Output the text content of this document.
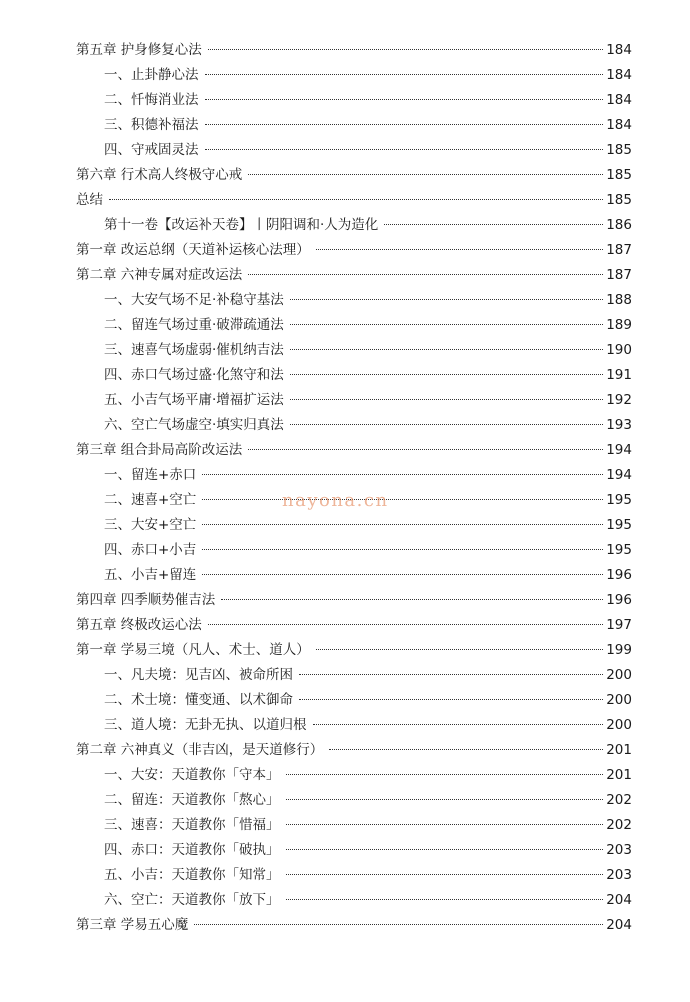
第五章 护身修复心法	184
一、止卦静心法	184
二、忏悔消业法	184
三、积德补福法	184
四、守戒固灵法	185
第六章 行术高人终极守心戒	185
总结	185
第十一卷【改运补天卷】丨阴阳调和·人为造化	186
第一章 改运总纲（天道补运核心法理）	187
第二章 六神专属对症改运法	187
一、大安气场不足·补稳守基法	188
二、留连气场过重·破滞疏通法	189
三、速喜气场虚弱·催机纳吉法	190
四、赤口气场过盛·化煞守和法	191
五、小吉气场平庸·增福扩运法	192
六、空亡气场虚空·填实归真法	193
第三章 组合卦局高阶改运法	194
一、留连+赤口	194
二、速喜+空亡	195
三、大安+空亡	195
四、赤口+小吉	195
五、小吉+留连	196
第四章 四季顺势催吉法	196
第五章 终极改运心法	197
第一章 学易三境（凡人、术士、道人）	199
一、凡夫境：见吉凶、被命所困	200
二、术士境：懂变通、以术御命	200
三、道人境：无卦无执、以道归根	200
第二章 六神真义（非吉凶，是天道修行）	201
一、大安：天道教你「守本」	201
二、留连：天道教你「熬心」	202
三、速喜：天道教你「惜福」	202
四、赤口：天道教你「破执」	203
五、小吉：天道教你「知常」	203
六、空亡：天道教你「放下」	204
第三章 学易五心魔	204
nayona.cn
